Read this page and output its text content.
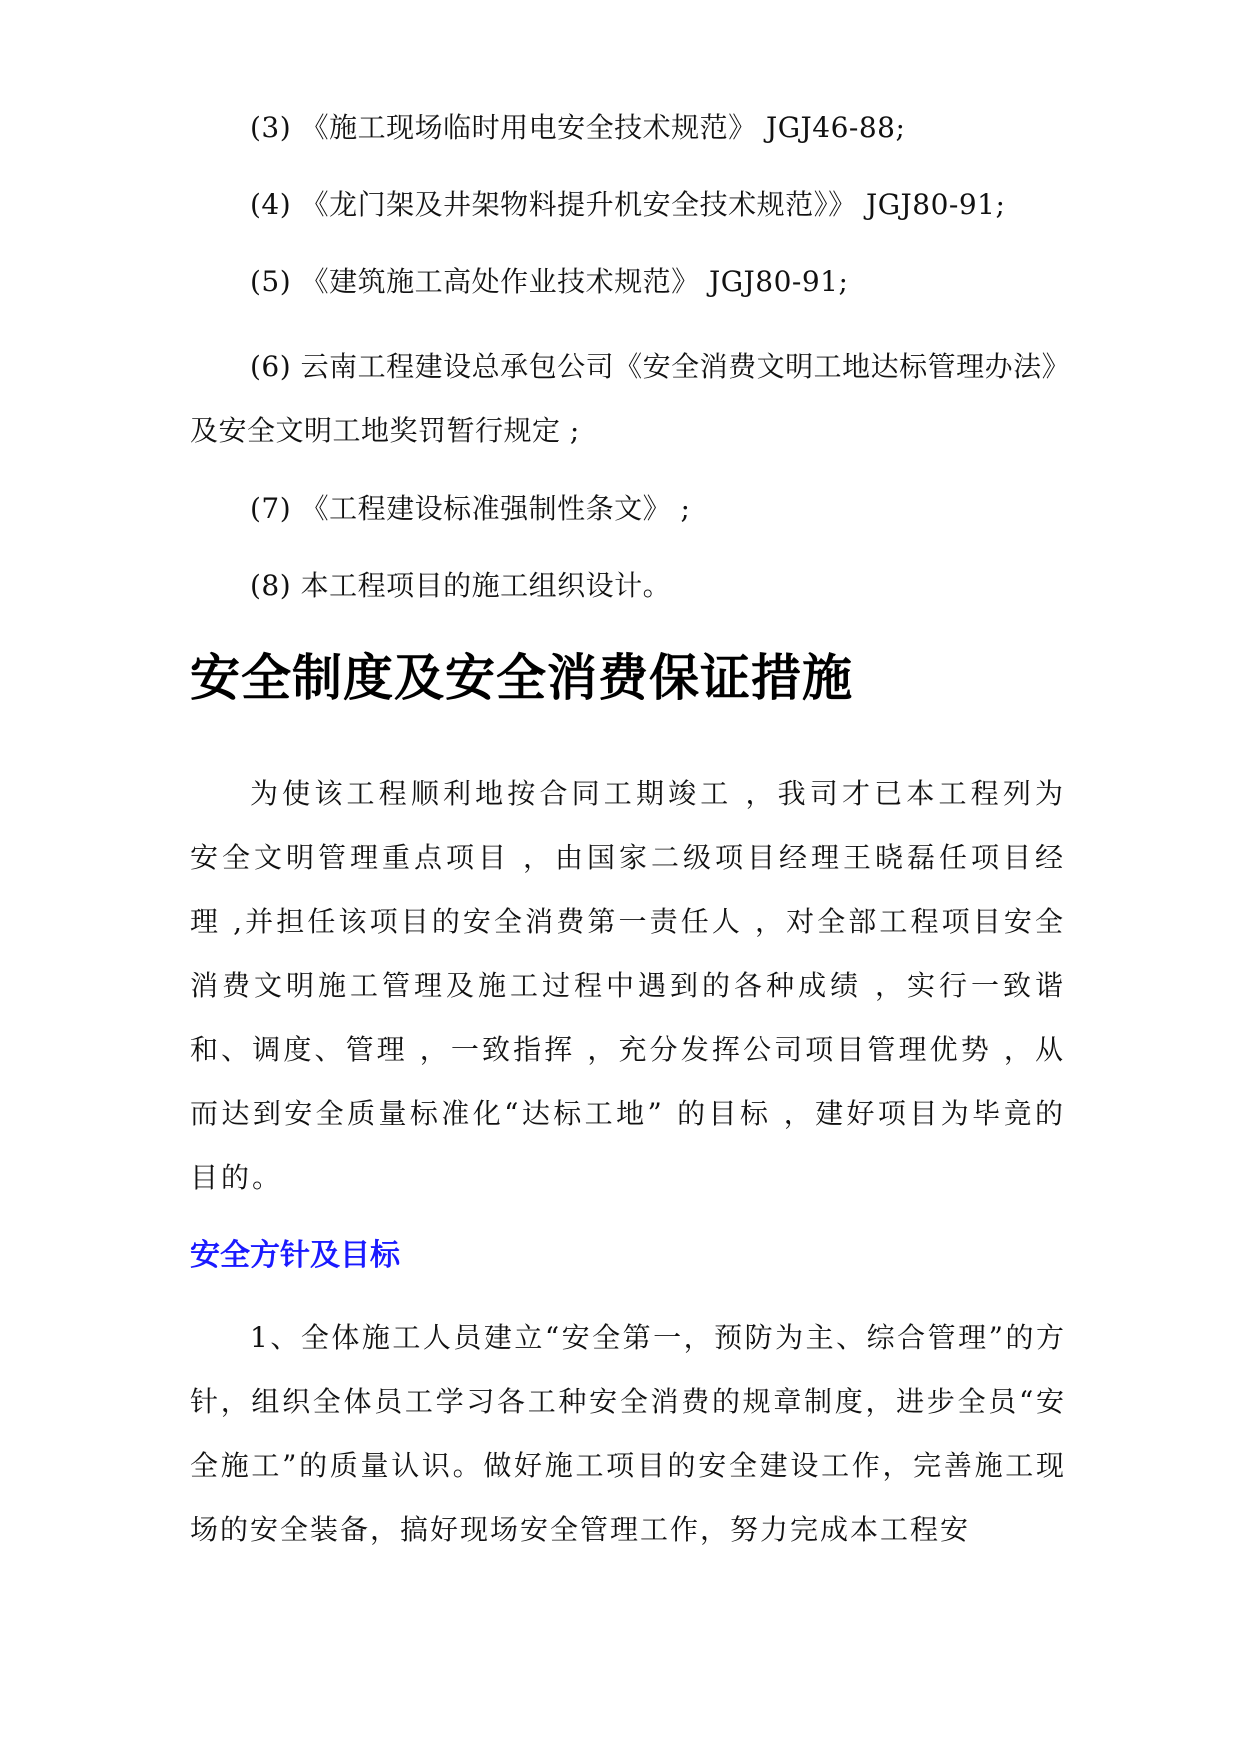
(3) 《施工现场临时用电安全技术规范》 JGJ46-88;

(4) 《龙门架及井架物料提升机安全技术规范》》 JGJ80-91;

(5) 《建筑施工高处作业技术规范》 JGJ80-91;

(6) 云南工程建设总承包公司《安全消费文明工地达标管理办法》及安全文明工地奖罚暂行规定 ;

(7) 《工程建设标准强制性条文》 ;

(8) 本工程项目的施工组织设计。

安全制度及安全消费保证措施

为使该工程顺利地按合同工期竣工 ，我司才已本工程列为安全文明管理重点项目 ，由国家二级项目经理王晓磊任项目经理 ,并担任该项目的安全消费第一责任人 ，对全部工程项目安全消费文明施工管理及施工过程中遇到的各种成绩 ，实行一致谐和、调度、管理 ，一致指挥 ，充分发挥公司项目管理优势 ，从而达到安全质量标准化“达标工地” 的目标 ，建好项目为毕竟的目的。

安全方针及目标

1、全体施工人员建立“安全第一，预防为主、综合管理”的方针，组织全体员工学习各工种安全消费的规章制度，进步全员“安全施工”的质量认识。做好施工项目的安全建设工作，完善施工现场的安全装备，搞好现场安全管理工作，努力完成本工程安
